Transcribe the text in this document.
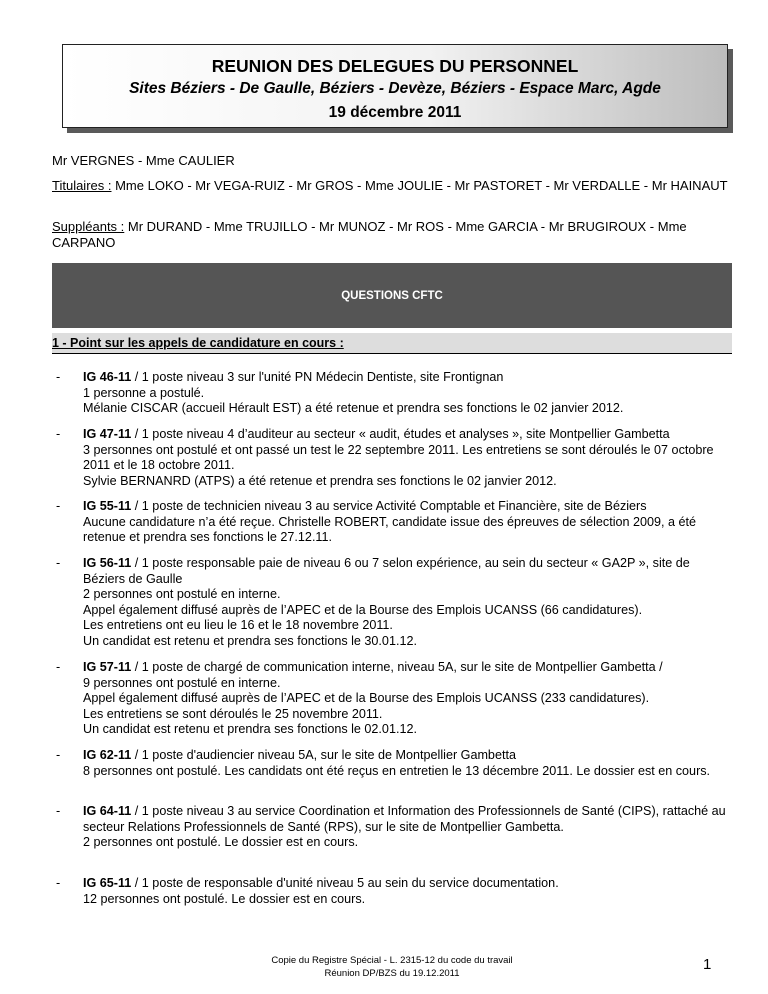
REUNION DES DELEGUES DU PERSONNEL
Sites Béziers - De Gaulle, Béziers - Devèze, Béziers - Espace Marc, Agde
19 décembre 2011
Mr VERGNES - Mme CAULIER
Titulaires : Mme LOKO - Mr VEGA-RUIZ - Mr GROS - Mme JOULIE - Mr PASTORET - Mr VERDALLE - Mr HAINAUT
Suppléants : Mr DURAND - Mme TRUJILLO - Mr MUNOZ - Mr ROS - Mme GARCIA - Mr BRUGIROUX - Mme CARPANO
QUESTIONS CFTC
1 - Point sur les appels de candidature en cours :
- IG 46-11 / 1 poste niveau 3 sur l'unité PN Médecin Dentiste, site Frontignan
1 personne a postulé.
Mélanie CISCAR (accueil Hérault EST) a été retenue et prendra ses fonctions le 02 janvier 2012.
- IG 47-11 / 1 poste niveau 4 d’auditeur au secteur « audit, études et analyses », site Montpellier Gambetta
3 personnes ont postulé et ont passé un test le 22 septembre 2011. Les entretiens se sont déroulés le 07 octobre 2011 et le 18 octobre 2011.
Sylvie BERNANRD (ATPS) a été retenue et prendra ses fonctions le 02 janvier 2012.
- IG 55-11 / 1 poste de technicien niveau 3 au service Activité Comptable et Financière, site de Béziers
Aucune candidature n’a été reçue. Christelle ROBERT, candidate issue des épreuves de sélection 2009, a été retenue et prendra ses fonctions le 27.12.11.
- IG 56-11 / 1 poste responsable paie de niveau 6 ou 7 selon expérience, au sein du secteur « GA2P », site de Béziers de Gaulle
2 personnes ont postulé en interne.
Appel également diffusé auprès de l’APEC et de la Bourse des Emplois UCANSS (66 candidatures).
Les entretiens ont eu lieu le 16 et le 18 novembre 2011.
Un candidat est retenu et prendra ses fonctions le 30.01.12.
- IG 57-11 / 1 poste de chargé de communication interne, niveau 5A, sur le site de Montpellier Gambetta /
9 personnes ont postulé en interne.
Appel également diffusé auprès de l’APEC et de la Bourse des Emplois UCANSS (233 candidatures).
Les entretiens se sont déroulés le 25 novembre 2011.
Un candidat est retenu et prendra ses fonctions le 02.01.12.
- IG 62-11 / 1 poste d'audiencier niveau 5A, sur le site de Montpellier Gambetta
8 personnes ont postulé. Les candidats ont été reçus en entretien le 13 décembre 2011. Le dossier est en cours.
- IG 64-11 / 1 poste niveau 3 au service Coordination et Information des Professionnels de Santé (CIPS), rattaché au secteur Relations Professionnels de Santé (RPS), sur le site de Montpellier Gambetta.
2 personnes ont postulé. Le dossier est en cours.
- IG 65-11 / 1 poste de responsable d'unité niveau 5 au sein du service documentation.
12 personnes ont postulé. Le dossier est en cours.
Copie du Registre Spécial - L. 2315-12 du code du travail
Réunion DP/BZS du 19.12.2011
1
